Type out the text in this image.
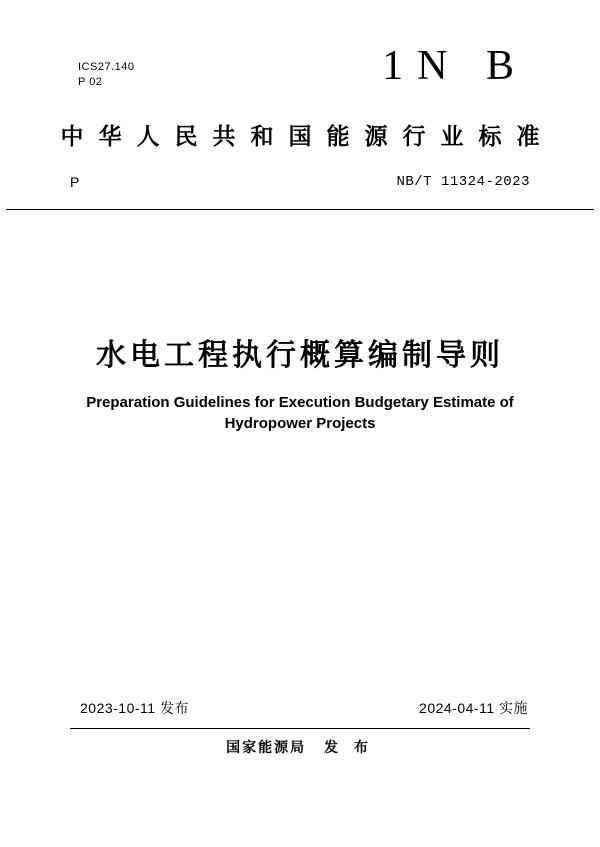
ICS27.140
P 02	1N B
中华人民共和国能源行业标准
P	NB/T 11324-2023
水电工程执行概算编制导则
Preparation Guidelines for Execution Budgetary Estimate of Hydropower Projects
2023-10-11 发布	2024-04-11 实施
国家能源局 发 布
